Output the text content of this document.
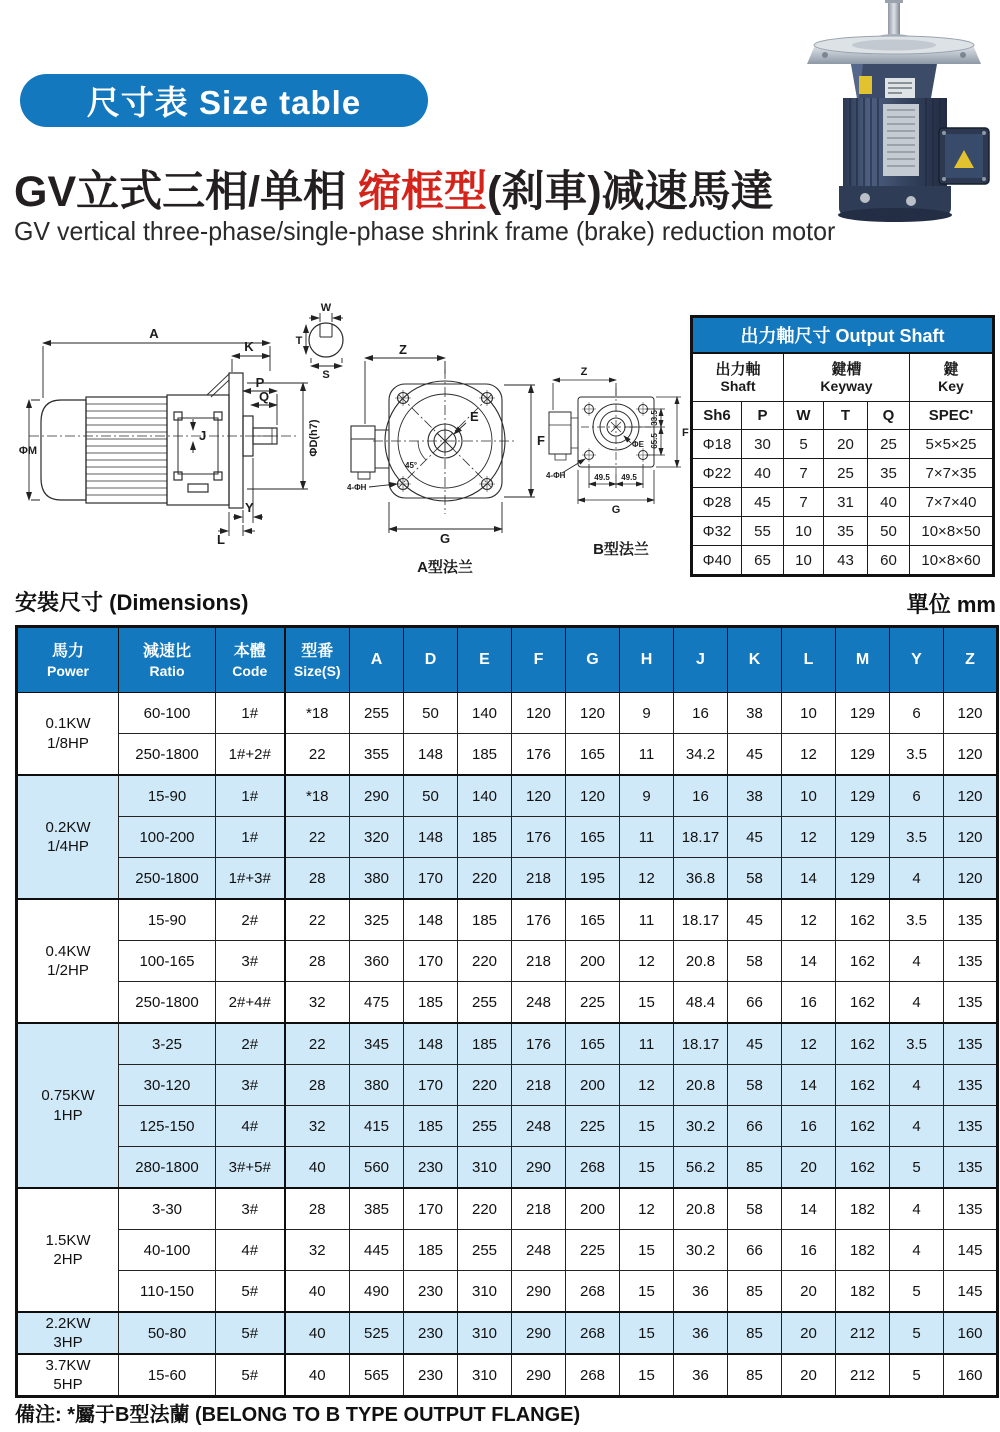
尺寸表 Size table
GV立式三相/单相 缩框型(刹車)减速馬達
GV vertical three-phase/single-phase shrink frame (brake) reduction motor
A
K
W
T
S
P
Q
J
ΦM	ΦD(h7)
L
Y
Z
E
F
G
45°
4-ΦH
A型法兰
Z
33.5
65.5
F
49.5 49.5
G
4-ΦH
ΦE
B型法兰
出力軸尺寸 Output Shaft					

出力軸
Shaft

鍵槽
Keyway

鍵
Key

Sh6	P	W	T	Q	SPEC'
Φ18	30	5	20	25	5×5×25
Φ22	40	7	25	35	7×7×35
Φ28	45	7	31	40	7×7×40
Φ32	55	10	35	50	10×8×50
Φ40	65	10	43	60	10×8×60
安裝尺寸 (Dimensions)	單位 mm
馬力
Power

減速比
Ratio

本體
Code

型番
Size(S)
	A	D	E	F	G	H	J	K	L	M	Y	Z

0.1KW
1/8HP	60-100	1#	*18	255	50	140	120	120	9	16	38	10	129	6	120
	250-1800	1#+2#	22	355	148	185	176	165	11	34.2	45	12	129	3.5	120

0.2KW
1/4HP	15-90	1#	*18	290	50	140	120	120	9	16	38	10	129	6	120
	100-200	1#	22	320	148	185	176	165	11	18.17	45	12	129	3.5	120
	250-1800	1#+3#	28	380	170	220	218	195	12	36.8	58	14	129	4	120

0.4KW
1/2HP	15-90	2#	22	325	148	185	176	165	11	18.17	45	12	162	3.5	135
	100-165	3#	28	360	170	220	218	200	12	20.8	58	14	162	4	135
	250-1800	2#+4#	32	475	185	255	248	225	15	48.4	66	16	162	4	135

0.75KW
1HP	3-25	2#	22	345	148	185	176	165	11	18.17	45	12	162	3.5	135
	30-120	3#	28	380	170	220	218	200	12	20.8	58	14	162	4	135
	125-150	4#	32	415	185	255	248	225	15	30.2	66	16	162	4	135
	280-1800	3#+5#	40	560	230	310	290	268	15	56.2	85	20	162	5	135

1.5KW
2HP	3-30	3#	28	385	170	220	218	200	12	20.8	58	14	182	4	135
	40-100	4#	32	445	185	255	248	225	15	30.2	66	16	182	4	145
	110-150	5#	40	490	230	310	290	268	15	36	85	20	182	5	145

2.2KW
3HP	50-80	5#	40	525	230	310	290	268	15	36	85	20	212	5	160

3.7KW
5HP	15-60	5#	40	565	230	310	290	268	15	36	85	20	212	5	160
備注: *屬于B型法蘭 (BELONG TO B TYPE OUTPUT FLANGE)
